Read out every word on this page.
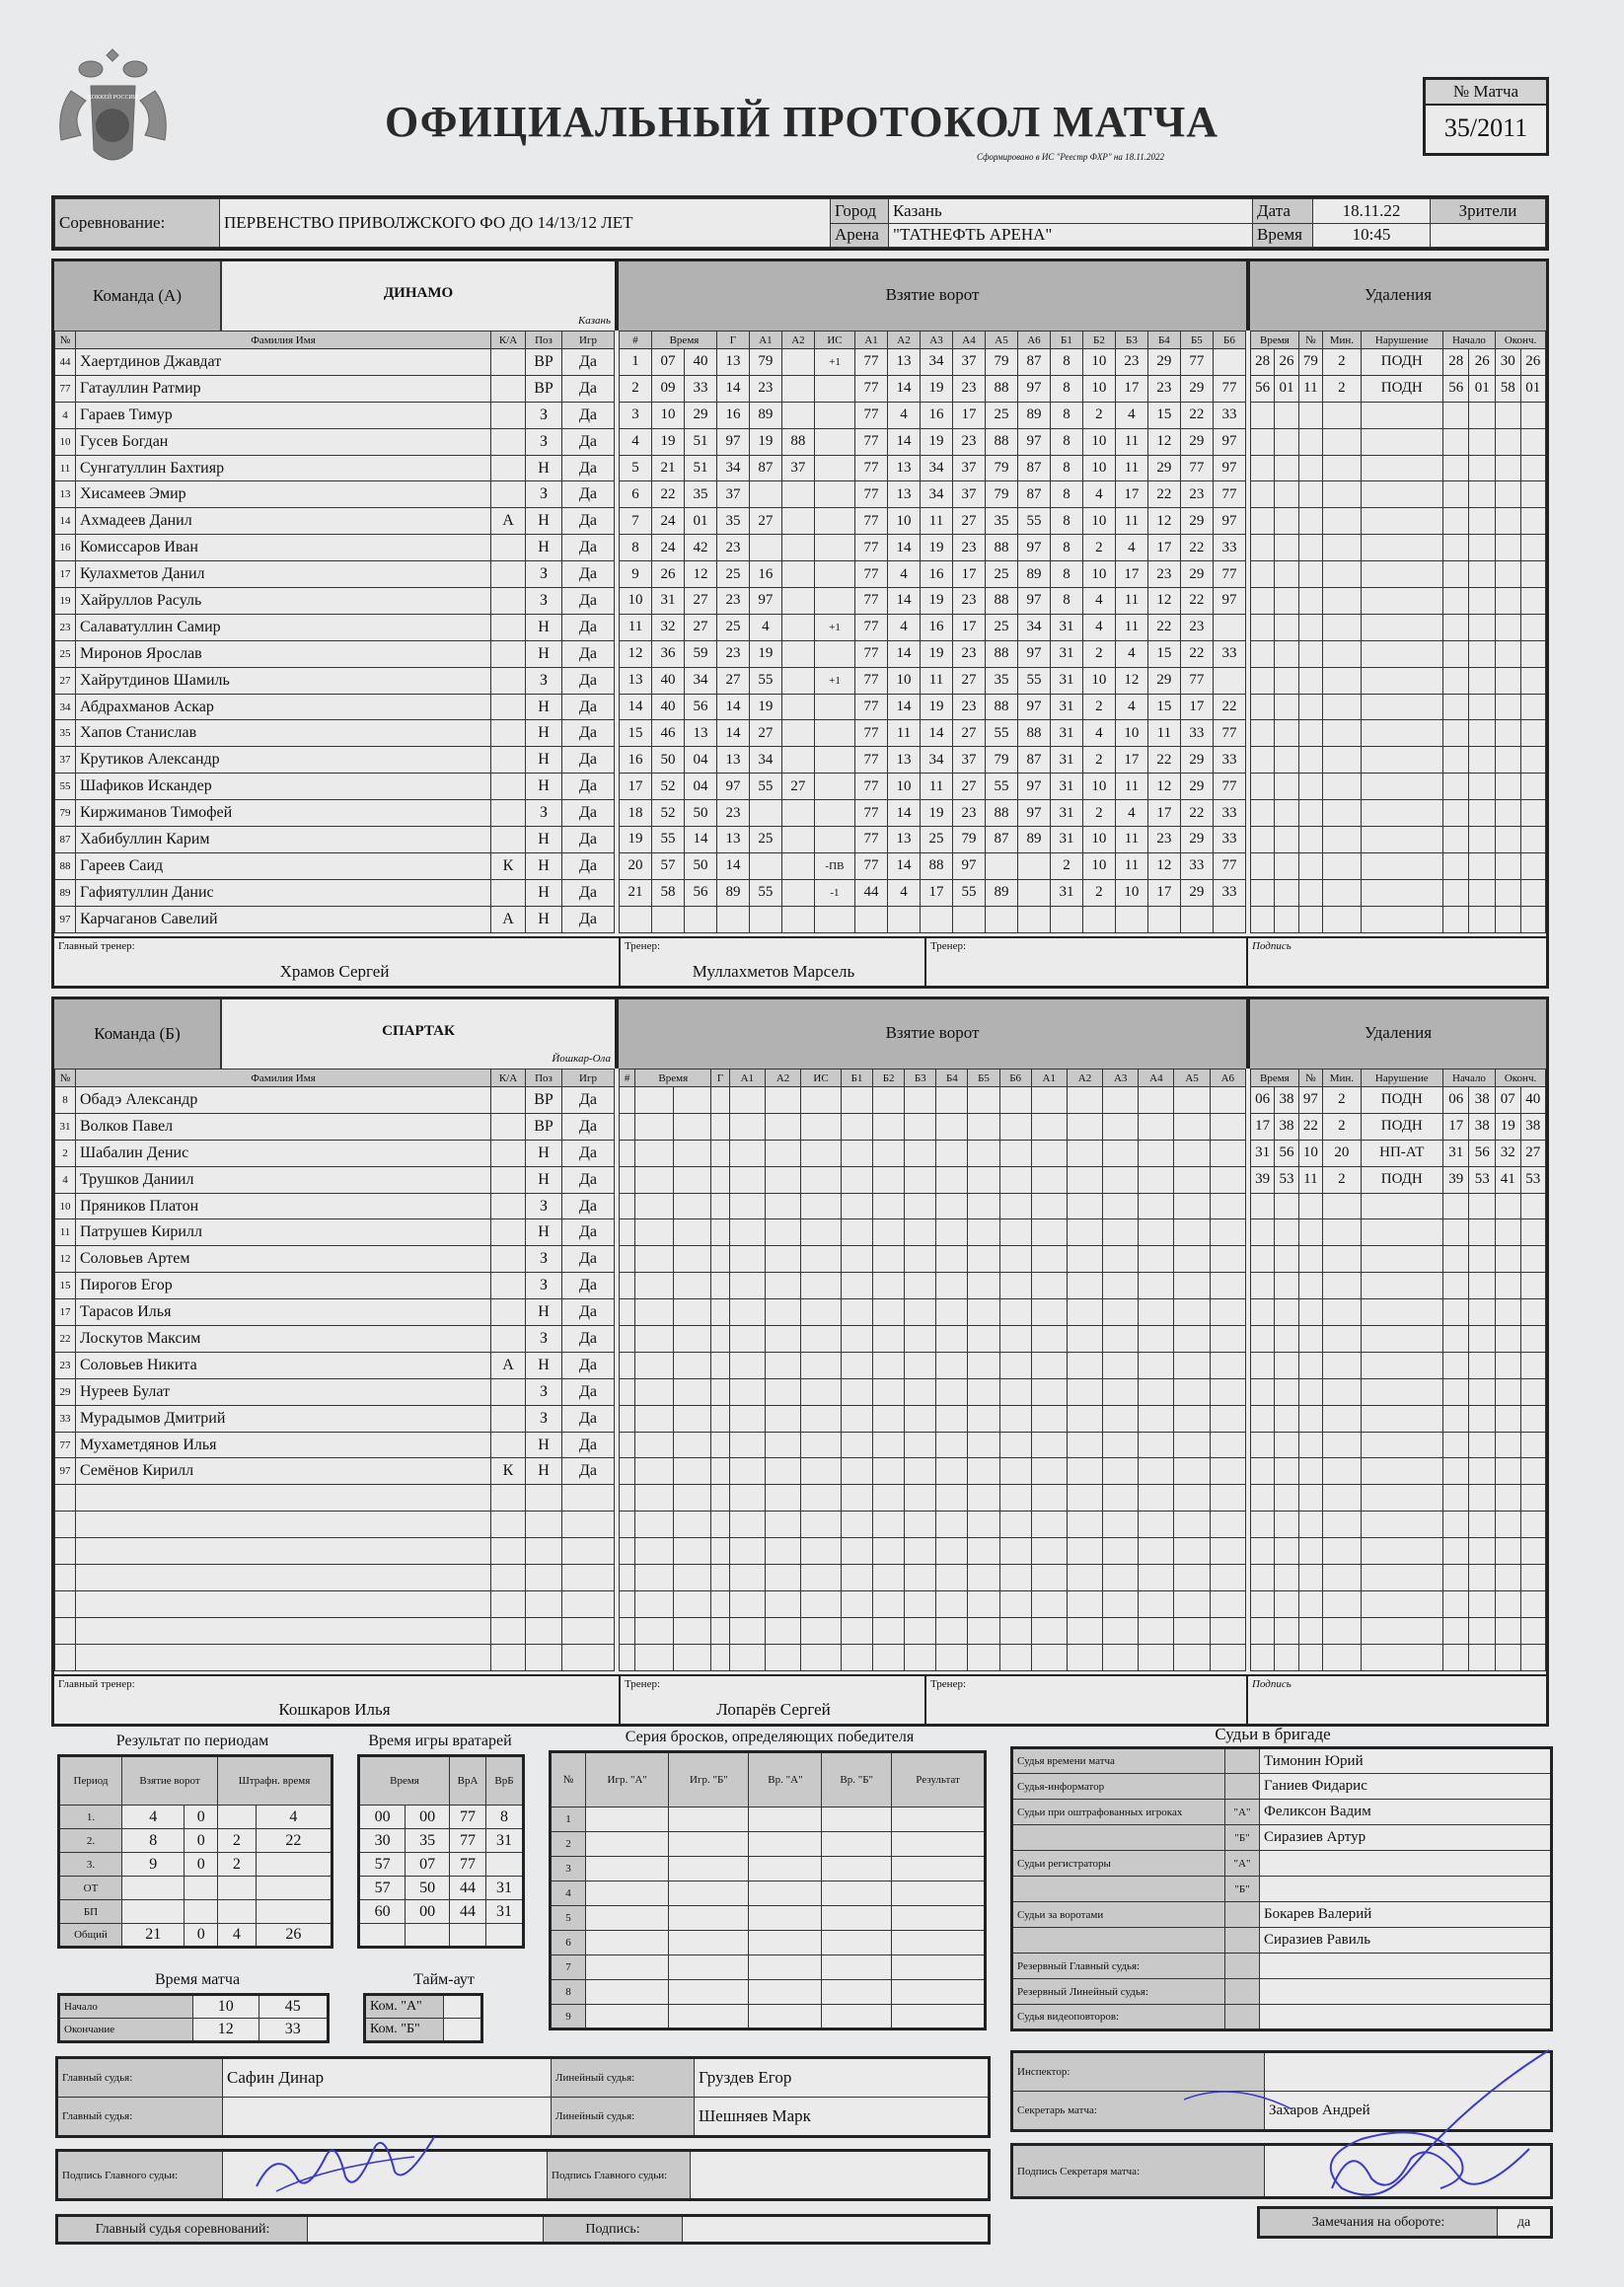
ХОККЕЙ РОССИИ	ОФИЦИАЛЬНЫЙ ПРОТОКОЛ МАТЧА
Сформировано в ИС "Реестр ФХР" на 18.11.2022
№ Матча
35/2011
Соревнование:	ПЕРВЕНСТВО ПРИВОЛЖСКОГО ФО ДО 14/13/12 ЛЕТ	Город	Казань	Дата	18.11.22	Зрители
		Арена	"ТАТНЕФТЬ АРЕНА"	Время	10:45	
Команда (А)	ДИНАМО
Казань
Взятие ворот	Удаления
№	Фамилия Имя	К/А	Поз	Игр
44	Хаертдинов Джавдат		ВР	Да
77	Гатауллин Ратмир		ВР	Да
4	Гараев Тимур		З	Да
10	Гусев Богдан		З	Да
11	Сунгатуллин Бахтияр		Н	Да
13	Хисамеев Эмир		З	Да
14	Ахмадеев Данил	А	Н	Да
16	Комиссаров Иван		Н	Да
17	Кулахметов Данил		З	Да
19	Хайруллов Расуль		З	Да
23	Салаватуллин Самир		Н	Да
25	Миронов Ярослав		Н	Да
27	Хайрутдинов Шамиль		З	Да
34	Абдрахманов Аскар		Н	Да
35	Хапов Станислав		Н	Да
37	Крутиков Александр		Н	Да
55	Шафиков Искандер		Н	Да
79	Киржиманов Тимофей		З	Да
87	Хабибуллин Карим		Н	Да
88	Гареев Саид	К	Н	Да
89	Гафиятуллин Данис		Н	Да
97	Карчаганов Савелий	А	Н	Да
#	Время		Г	А1	А2	ИС	А1	А2	А3	А4	А5	А6	Б1	Б2	Б3	Б4	Б5	Б6
1	07	40	13	79		+1	77	13	34	37	79	87	8	10	23	29	77	
2	09	33	14	23			77	14	19	23	88	97	8	10	17	23	29	77
3	10	29	16	89			77	4	16	17	25	89	8	2	4	15	22	33
4	19	51	97	19	88		77	14	19	23	88	97	8	10	11	12	29	97
5	21	51	34	87	37		77	13	34	37	79	87	8	10	11	29	77	97
6	22	35	37				77	13	34	37	79	87	8	4	17	22	23	77
7	24	01	35	27			77	10	11	27	35	55	8	10	11	12	29	97
8	24	42	23				77	14	19	23	88	97	8	2	4	17	22	33
9	26	12	25	16			77	4	16	17	25	89	8	10	17	23	29	77
10	31	27	23	97			77	14	19	23	88	97	8	4	11	12	22	97
11	32	27	25	4		+1	77	4	16	17	25	34	31	4	11	22	23	
12	36	59	23	19			77	14	19	23	88	97	31	2	4	15	22	33
13	40	34	27	55		+1	77	10	11	27	35	55	31	10	12	29	77	
14	40	56	14	19			77	14	19	23	88	97	31	2	4	15	17	22
15	46	13	14	27			77	11	14	27	55	88	31	4	10	11	33	77
16	50	04	13	34			77	13	34	37	79	87	31	2	17	22	29	33
17	52	04	97	55	27		77	10	11	27	55	97	31	10	11	12	29	77
18	52	50	23				77	14	19	23	88	97	31	2	4	17	22	33
19	55	14	13	25			77	13	25	79	87	89	31	10	11	23	29	33
20	57	50	14			-ПВ	77	14	88	97			2	10	11	12	33	77
21	58	56	89	55		-1	44	4	17	55	89		31	2	10	17	29	33

Время		№	Мин.	Нарушение	Начало		Оконч.	
28	26	79	2	ПОДН	28	26	30	26
56	01	11	2	ПОДН	56	01	58	01

Главный тренер:
Храмов Сергей
Тренер:
Муллахметов Марсель
Тренер:	Подпись
Команда (Б)	СПАРТАК
Йошкар-Ола
Взятие ворот	Удаления
№	Фамилия Имя	К/А	Поз	Игр
8	Обадэ Александр		ВР	Да
31	Волков Павел		ВР	Да
2	Шабалин Денис		Н	Да
4	Трушков Даниил		Н	Да
10	Пряников Платон		З	Да
11	Патрушев Кирилл		Н	Да
12	Соловьев Артем		З	Да
15	Пирогов Егор		З	Да
17	Тарасов Илья		Н	Да
22	Лоскутов Максим		З	Да
23	Соловьев Никита	А	Н	Да
29	Нуреев Булат		З	Да
33	Мурадымов Дмитрий		З	Да
77	Мухаметдянов Илья		Н	Да
97	Семёнов Кирилл	К	Н	Да

#	Время		Г	А1	А2	ИС	Б1	Б2	Б3	Б4	Б5	Б6	А1	А2	А3	А4	А5	А6

																		Время		№	Мин.	Нарушение	Начало		Оконч.	
06	38	97	2	ПОДН	06	38	07	40
17	38	22	2	ПОДН	17	38	19	38
31	56	10	20	НП-АТ	31	56	32	27
39	53	11	2	ПОДН	39	53	41	53

Главный тренер:
Кошкаров Илья
Тренер:
Лопарёв Сергей
Тренер:	Подпись
Результат по периодам
Период	Взятие ворот		Штрафн. время	
1.	4	0		4
2.	8	0	2	22
3.	9	0	2	
ОТ				
БП				
Общий	21	0	4	26
Время игры вратарей
Время		ВрА	ВрБ
00	00	77	8
30	35	77	31
57	07	77	
57	50	44	31
60	00	44	31

Время матча
Начало	10	45
Окончание	12	33
Тайм-аут
Ком. "А"	
Ком. "Б"	
Серия бросков, определяющих победителя
№	Игр. "А"	Игр. "Б"	Вр. "А"	Вр. "Б"	Результат
1					
2					
3					
4					
5					
6					
7					
8					
9					
Судьи в бригаде
Судья времени матча		Тимонин Юрий
Судья-информатор		Ганиев Фидарис
Судьи при оштрафованных игроках	"А"	Феликсон Вадим
	"Б"	Сиразиев Артур
Судьи регистраторы	"А"	
	"Б"	
Судьи за воротами		Бокарев Валерий
		Сиразиев Равиль
Резервный Главный судья:		
Резервный Линейный судья:		
Судья видеоповторов:		
Главный судья:	Сафин Динар	Линейный судья:	Груздев Егор
Главный судья:		Линейный судья:	Шешняев Марк
Подпись Главного судьи:		Подпись Главного судьи:	
Главный судья соревнований:		Подпись:	
Инспектор:	
Секретарь матча:	Захаров Андрей
Подпись Секретаря матча:	
Замечания на обороте:	да
